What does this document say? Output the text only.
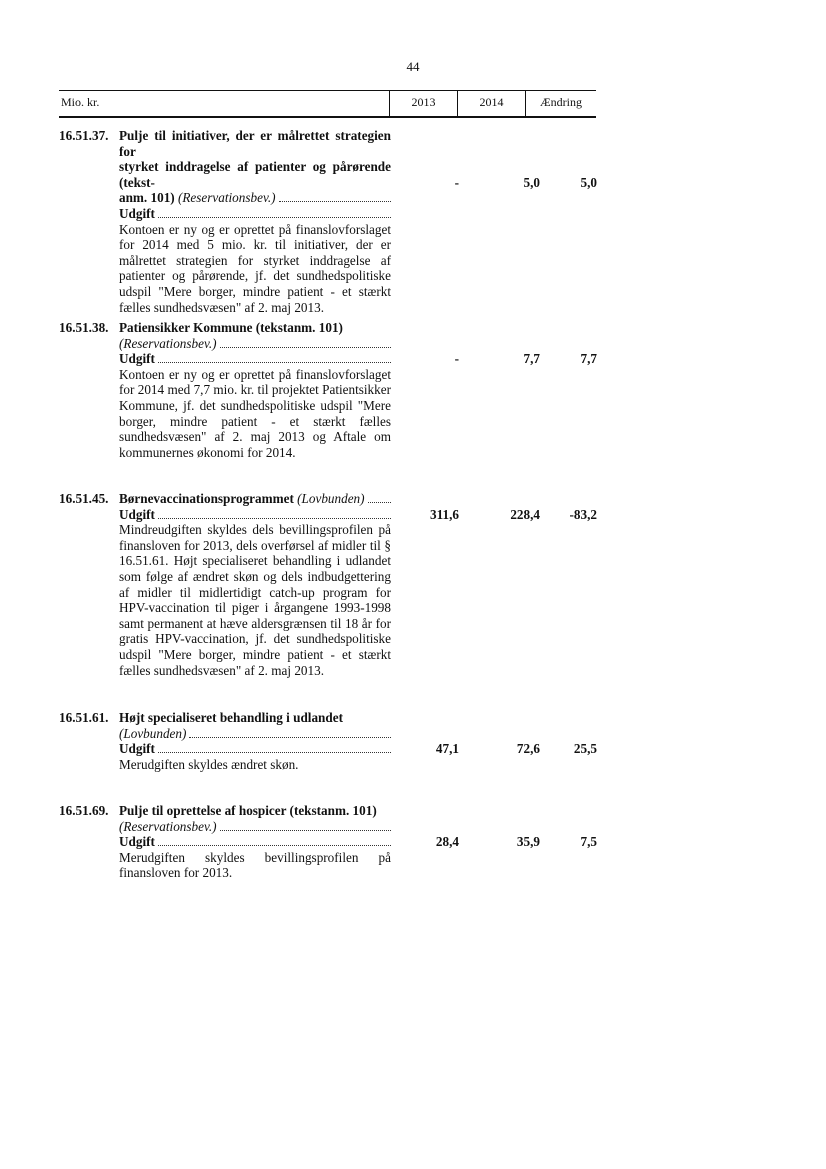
44
Mio. kr.	2013	2014	Ændring
16.51.37. Pulje til initiativer, der er målrettet strategien for
styrket inddragelse af patienter og pårørende (tekst-
anm. 101)
(Reservationsbev.)
Udgift
Kontoen er ny og er oprettet på finanslovforslaget for 2014 med 5 mio. kr. til initiativer, der er målrettet strategien for styrket inddragelse af patienter og pårørende, jf. det sundhedspolitiske udspil "Mere borger, mindre patient - et stærkt fælles sundhedsvæsen" af 2. maj 2013.
-	5,0	5,0
16.51.38. Patiensikker Kommune (tekstanm. 101)
(Reservationsbev.)
Udgift
Kontoen er ny og er oprettet på finanslovforslaget for 2014 med 7,7 mio. kr. til projektet Patientsikker Kommune, jf. det sundhedspolitiske udspil "Mere borger, mindre patient - et stærkt fælles sundhedsvæsen" af 2. maj 2013 og Aftale om kommunernes økonomi for 2014.
-	7,7	7,7
16.51.45. Børnevaccinationsprogrammet
(Lovbunden)
Udgift
Mindreudgiften skyldes dels bevillingsprofilen på finansloven for 2013, dels overførsel af midler til § 16.51.61. Højt specialiseret behandling i udlandet som følge af ændret skøn og dels indbudgettering af midler til midlertidigt catch-up program for HPV-vaccination til piger i årgangene 1993-1998 samt permanent at hæve aldersgrænsen til 18 år for gratis HPV-vaccination, jf. det sundhedspolitiske udspil "Mere borger, mindre patient - et stærkt fælles sundhedsvæsen" af 2. maj 2013.
311,6	228,4	-83,2
16.51.61. Højt specialiseret behandling i udlandet
(Lovbunden)
Udgift
Merudgiften skyldes ændret skøn.
47,1	72,6	25,5
16.51.69. Pulje til oprettelse af hospicer (tekstanm. 101)
(Reservationsbev.)
Udgift
Merudgiften skyldes bevillingsprofilen på finansloven for 2013.
28,4	35,9	7,5
